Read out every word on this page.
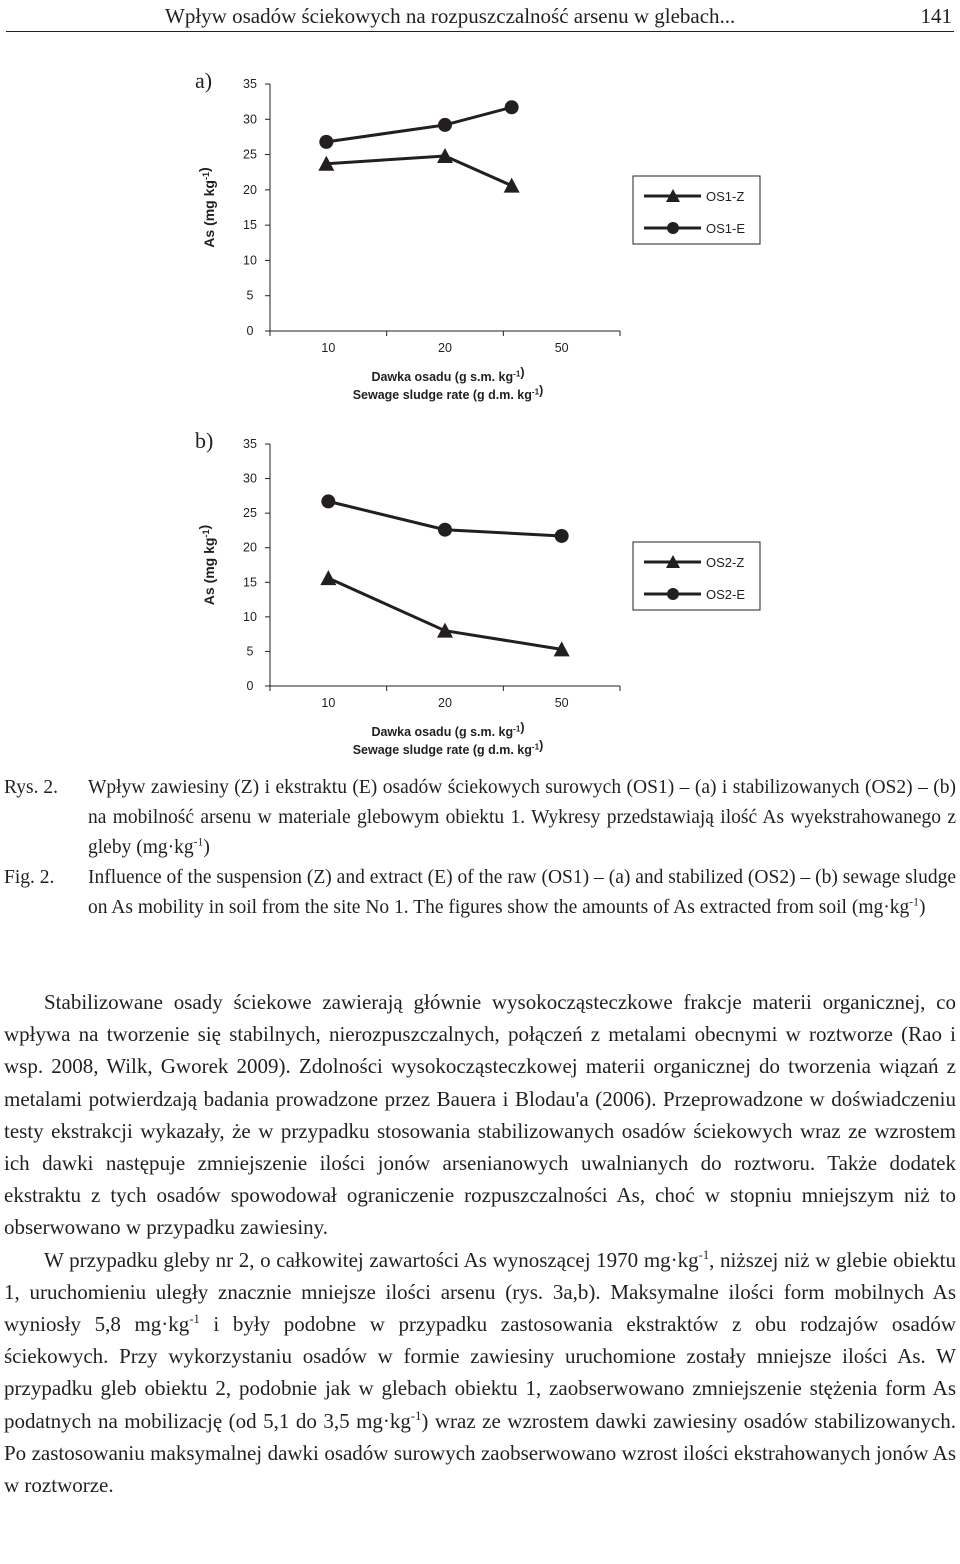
Wpływ osadów ściekowych na rozpuszczalność arsenu w glebach...	141
a)
0
5
10
15
20
25
30
35
10	20	50
As (mg $kg^{-1}$)
Dawka osadu (g s.m. $kg^{-1}$)
Sewage sludge rate (g d.m. $kg^{-1}$)
OS1-Z
OS1-E
b)
0
5
10
15
20
25
30
35
10	20	50
As (mg $kg^{-1}$)
Dawka osadu (g s.m. $kg^{-1}$)
Sewage sludge rate (g d.m. $kg^{-1}$)
OS2-Z
OS2-E
Rys. 2.	Wpływ zawiesiny (Z) i ekstraktu (E) osadów ściekowych surowych (OS1) – (a) i stabilizowanych (OS2) – (b) na mobilność arsenu w materiale glebowym obiektu 1. Wykresy przedstawiają ilość As wyekstrahowanego z gleby $(mg\cdot kg^{-1})$
Fig. 2.	Influence of the suspension (Z) and extract (E) of the raw (OS1) – (a) and stabilized (OS2) – (b) sewage sludge on As mobility in soil from the site No 1. The figures show the amounts of As extracted from soil $(mg\cdot kg^{-1})$

Stabilizowane osady ściekowe zawierają głównie wysokocząsteczkowe frakcje materii organicznej, co wpływa na tworzenie się stabilnych, nierozpuszczalnych, połączeń z metalami obecnymi w roztworze (Rao i wsp. 2008, Wilk, Gworek 2009). Zdolności wysokocząsteczkowej materii organicznej do tworzenia wiązań z metalami potwierdzają badania prowadzone przez Bauera i Blodau'a (2006). Przeprowadzone w doświadczeniu testy ekstrakcji wykazały, że w przypadku stosowania stabilizowanych osadów ściekowych wraz ze wzrostem ich dawki następuje zmniejszenie ilości jonów arsenianowych uwalnianych do roztworu. Także dodatek ekstraktu z tych osadów spowodował ograniczenie rozpuszczalności As, choć w stopniu mniejszym niż to obserwowano w przypadku zawiesiny.

W przypadku gleby nr 2, o całkowitej zawartości As wynoszącej 1970 $mg\cdot kg^{-1}$, niższej niż w glebie obiektu 1, uruchomieniu uległy znacznie mniejsze ilości arsenu (rys. 3a,b). Maksymalne ilości form mobilnych As wyniosły 5,8 $mg\cdot kg^{-1}$ i były podobne w przypadku zastosowania ekstraktów z obu rodzajów osadów ściekowych. Przy wykorzystaniu osadów w formie zawiesiny uruchomione zostały mniejsze ilości As. W przypadku gleb obiektu 2, podobnie jak w glebach obiektu 1, zaobserwowano zmniejszenie stężenia form As podatnych na mobilizację (od 5,1 do 3,5 $mg\cdot kg^{-1}$) wraz ze wzrostem dawki zawiesiny osadów stabilizowanych. Po zastosowaniu maksymalnej dawki osadów surowych zaobserwowano wzrost ilości ekstrahowanych jonów As w roztworze.
